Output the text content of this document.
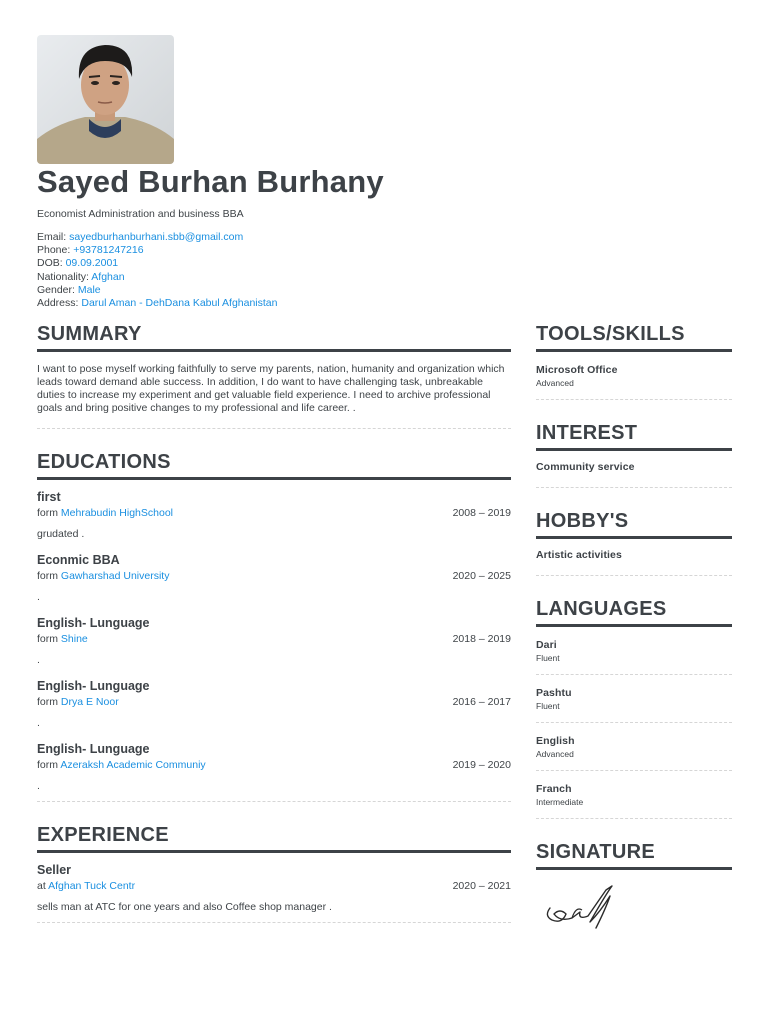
Sayed Burhan Burhany
Economist Administration and business BBA
Email: sayedburhanburhani.sbb@gmail.com
Phone: +93781247216
DOB: 09.09.2001
Nationality: Afghan
Gender: Male
Address: Darul Aman - DehDana Kabul Afghanistan
SUMMARY
I want to pose myself working faithfully to serve my parents, nation, humanity and organization which leads toward demand able success. In addition, I do want to have challenging task, unbreakable duties to increase my experiment and get valuable field experience. I need to archive professional goals and bring positive changes to my professional and life career. .
EDUCATIONS
first
form Mehrabudin HighSchool	2008 – 2019
grudated .
Econmic BBA
form Gawharshad University	2020 – 2025
.
English- Lunguage
form Shine	2018 – 2019
.
English- Lunguage
form Drya E Noor	2016 – 2017
.
English- Lunguage
form Azeraksh Academic Communiy	2019 – 2020
.
EXPERIENCE
Seller
at Afghan Tuck Centr	2020 – 2021
sells man at ATC for one years and also Coffee shop manager .
TOOLS/SKILLS
Microsoft Office
Advanced
INTEREST
Community service
HOBBY'S
Artistic activities
LANGUAGES
Dari
Fluent
Pashtu
Fluent
English
Advanced
Franch
Intermediate
SIGNATURE
